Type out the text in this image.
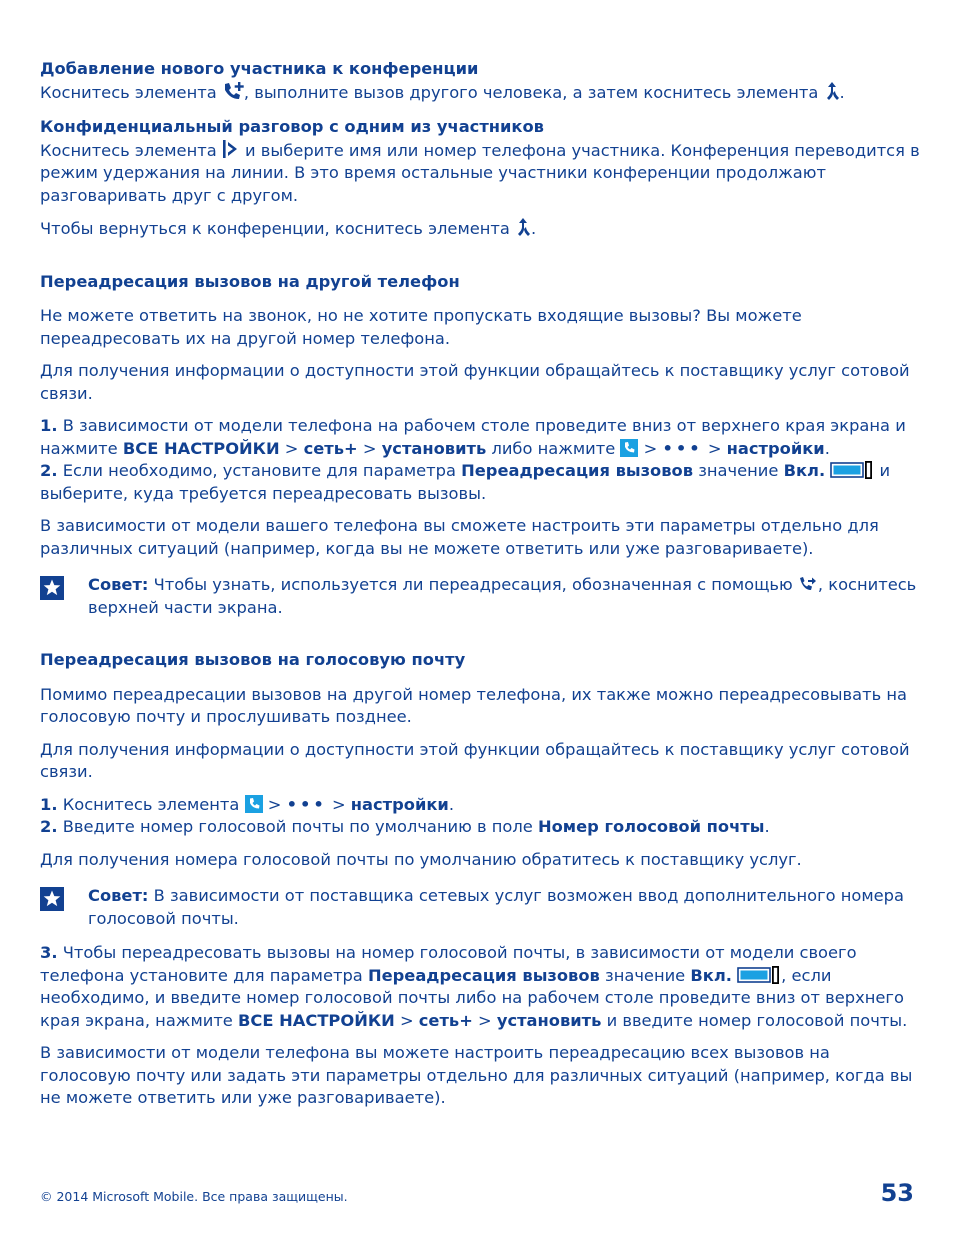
Добавление нового участника к конференции

Коснитесь элемента
, выполните вызов другого человека, а затем коснитесь элемента
.

Конфиденциальный разговор с одним из участников

Коснитесь элемента
и выберите имя или номер телефона участника. Конференция переводится в режим удержания на линии. В это время остальные участники конференции продолжают разговаривать друг с другом.

Чтобы вернуться к конференции, коснитесь элемента
.

Переадресация вызовов на другой телефон

Не можете ответить на звонок, но не хотите пропускать входящие вызовы? Вы можете переадресовать их на другой номер телефона.

Для получения информации о доступности этой функции обращайтесь к поставщику услуг сотовой связи.

1. В зависимости от модели телефона на рабочем столе проведите вниз от верхнего края экрана и нажмите ВСЕ НАСТРОЙКИ > сеть+ > установить либо нажмите
> ••• > настройки.

2. Если необходимо, установите для параметра Переадресация вызовов значение Вкл.	и выберите, куда требуется переадресовать вызовы.

В зависимости от модели вашего телефона вы сможете настроить эти параметры отдельно для различных ситуаций (например, когда вы не можете ответить или уже разговариваете).

Совет: Чтобы узнать, используется ли переадресация, обозначенная с помощью
, коснитесь верхней части экрана.

Переадресация вызовов на голосовую почту

Помимо переадресации вызовов на другой номер телефона, их также можно переадресовывать на голосовую почту и прослушивать позднее.

Для получения информации о доступности этой функции обращайтесь к поставщику услуг сотовой связи.

1. Коснитесь элемента
> ••• > настройки.

2. Введите номер голосовой почты по умолчанию в поле Номер голосовой почты.

Для получения номера голосовой почты по умолчанию обратитесь к поставщику услуг.

Совет: В зависимости от поставщика сетевых услуг возможен ввод дополнительного номера голосовой почты.

3. Чтобы переадресовать вызовы на номер голосовой почты, в зависимости от модели своего телефона установите для параметра Переадресация вызовов значение Вкл.	, если необходимо, и введите номер голосовой почты либо на рабочем столе проведите вниз от верхнего края экрана, нажмите ВСЕ НАСТРОЙКИ > сеть+ > установить и введите номер голосовой почты.

В зависимости от модели телефона вы можете настроить переадресацию всех вызовов на голосовую почту или задать эти параметры отдельно для различных ситуаций (например, когда вы не можете ответить или уже разговариваете).

© 2014 Microsoft Mobile. Все права защищены.	53
